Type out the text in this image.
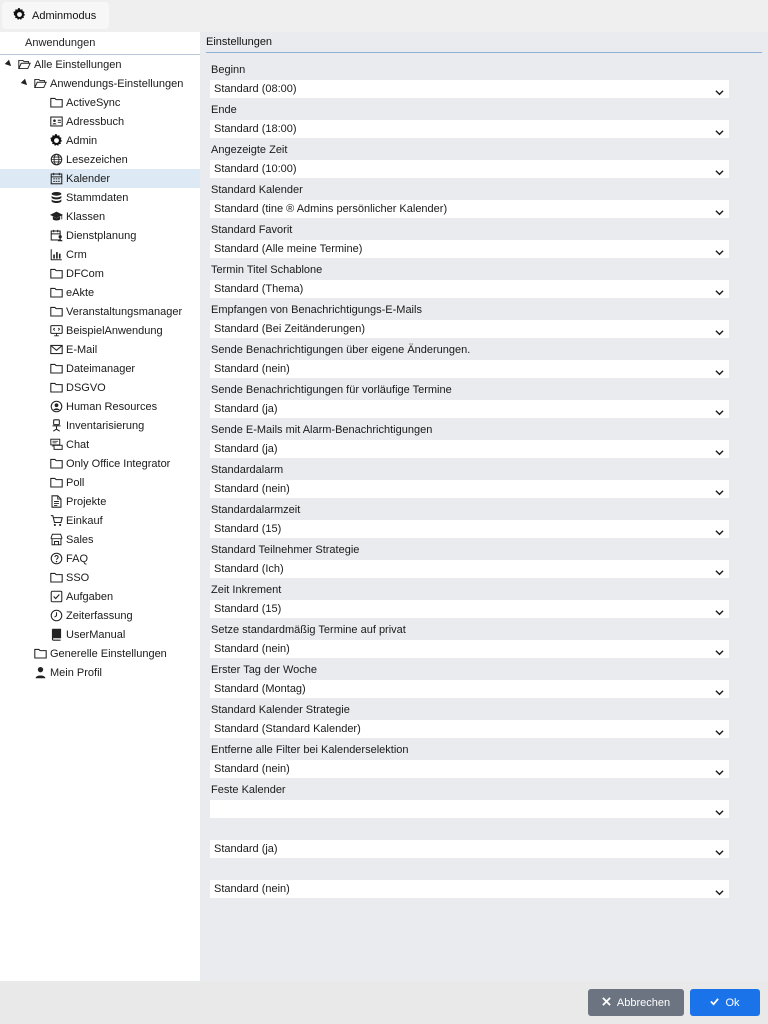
Adminmodus
Anwendungen
Alle Einstellungen
Anwendungs-Einstellungen
ActiveSync
Adressbuch
Admin
Lesezeichen
Kalender
Stammdaten
Klassen
Dienstplanung
Crm
DFCom
eAkte
Veranstaltungsmanager
BeispielAnwendung
E-Mail
Dateimanager
DSGVO
Human Resources
Inventarisierung
Chat
Only Office Integrator
Poll
Projekte
Einkauf
Sales
FAQ
SSO
Aufgaben
Zeiterfassung
UserManual
Generelle Einstellungen
Mein Profil
Einstellungen
Beginn
Standard (08:00)
Ende
Standard (18:00)
Angezeigte Zeit
Standard (10:00)
Standard Kalender
Standard (tine ® Admins persönlicher Kalender)
Standard Favorit
Standard (Alle meine Termine)
Termin Titel Schablone
Standard (Thema)
Empfangen von Benachrichtigungs-E-Mails
Standard (Bei Zeitänderungen)
Sende Benachrichtigungen über eigene Änderungen.
Standard (nein)
Sende Benachrichtigungen für vorläufige Termine
Standard (ja)
Sende E-Mails mit Alarm-Benachrichtigungen
Standard (ja)
Standardalarm
Standard (nein)
Standardalarmzeit
Standard (15)
Standard Teilnehmer Strategie
Standard (Ich)
Zeit Inkrement
Standard (15)
Setze standardmäßig Termine auf privat
Standard (nein)
Erster Tag der Woche
Standard (Montag)
Standard Kalender Strategie
Standard (Standard Kalender)
Entferne alle Filter bei Kalenderselektion
Standard (nein)
Feste Kalender
Standard (ja)
Standard (nein)
Abbrechen	Ok
